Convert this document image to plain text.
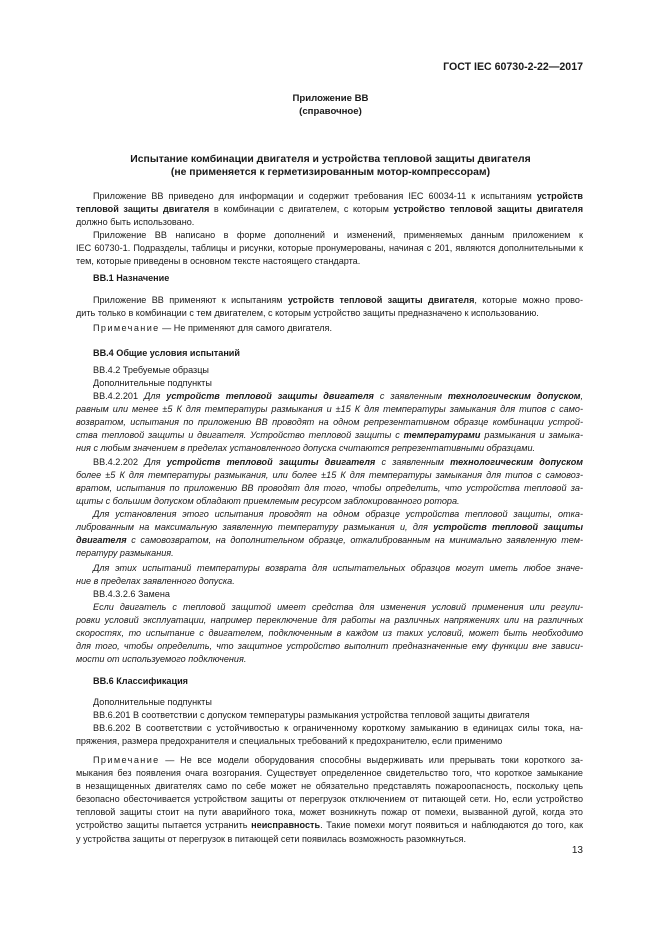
ГОСТ IEC 60730-2-22—2017
Приложение ВВ
(справочное)
Испытание комбинации двигателя и устройства тепловой защиты двигателя
(не применяется к герметизированным мотор-компрессорам)
Приложение ВВ приведено для информации и содержит требования IEC 60034-11 к испытаниям устройств
тепловой защиты двигателя в комбинации с двигателем, с которым устройство тепловой защиты двигателя
должно быть использовано.
Приложение ВВ написано в форме дополнений и изменений, применяемых данным приложением к
IEC 60730-1. Подразделы, таблицы и рисунки, которые пронумерованы, начиная с 201, являются дополнительными к
тем, которые приведены в основном тексте настоящего стандарта.
ВВ.1 Назначение
Приложение ВВ применяют к испытаниям устройств тепловой защиты двигателя, которые можно прово-
дить только в комбинации с тем двигателем, с которым устройство защиты предназначено к использованию.
Примечание — Не применяют для самого двигателя.
ВВ.4 Общие условия испытаний
ВВ.4.2 Требуемые образцы
Дополнительные подпункты
ВВ.4.2.201 Для устройств тепловой защиты двигателя с заявленным технологическим допуском,
равным или менее ±5 К для температуры размыкания и ±15 К для температуры замыкания для типов с само-
возвратом, испытания по приложению ВВ проводят на одном репрезентативном образце комбинации устрой-
ства тепловой защиты и двигателя. Устройство тепловой защиты с температурами размыкания и замыка-
ния с любым значением в пределах установленного допуска считаются репрезентативными образцами.
ВВ.4.2.202 Для устройств тепловой защиты двигателя с заявленным технологическим допуском
более ±5 К для температуры размыкания, или более ±15 К для температуры замыкания для типов с самовоз-
вратом, испытания по приложению ВВ проводят для того, чтобы определить, что устройства тепловой за-
щиты с большим допуском обладают приемлемым ресурсом заблокированного ротора.
Для установления этого испытания проводят на одном образце устройства тепловой защиты, отка-
либрованным на максимальную заявленную температуру размыкания и, для устройств тепловой защиты
двигателя с самовозвратом, на дополнительном образце, откалиброванным на минимально заявленную тем-
пературу размыкания.
Для этих испытаний температуры возврата для испытательных образцов могут иметь любое значе-
ние в пределах заявленного допуска.
ВВ.4.3.2.6 Замена
Если двигатель с тепловой защитой имеет средства для изменения условий применения или регули-
ровки условий эксплуатации, например переключение для работы на различных напряжениях или на различных
скоростях, то испытание с двигателем, подключенным в каждом из таких условий, может быть необходимо
для того, чтобы определить, что защитное устройство выполнит предназначенные ему функции вне зависи-
мости от используемого подключения.
ВВ.6 Классификация
Дополнительные подпункты
ВВ.6.201 В соответствии с допуском температуры размыкания устройства тепловой защиты двигателя
ВВ.6.202 В соответствии с устойчивостью к ограниченному короткому замыканию в единицах силы тока, на-
пряжения, размера предохранителя и специальных требований к предохранителю, если применимо
Примечание — Не все модели оборудования способны выдерживать или прерывать токи короткого за-
мыкания без появления очага возгорания. Существует определенное свидетельство того, что короткое замыкание
в незащищенных двигателях само по себе может не обязательно представлять пожароопасность, поскольку цепь
безопасно обесточивается устройством защиты от перегрузок отключением от питающей сети. Но, если устройство
тепловой защиты стоит на пути аварийного тока, может возникнуть пожар от помехи, вызванной дугой, когда это
устройство защиты пытается устранить неисправность. Такие помехи могут появиться и наблюдаются до того, как
у устройства защиты от перегрузок в питающей сети появилась возможность разомкнуться.
13
